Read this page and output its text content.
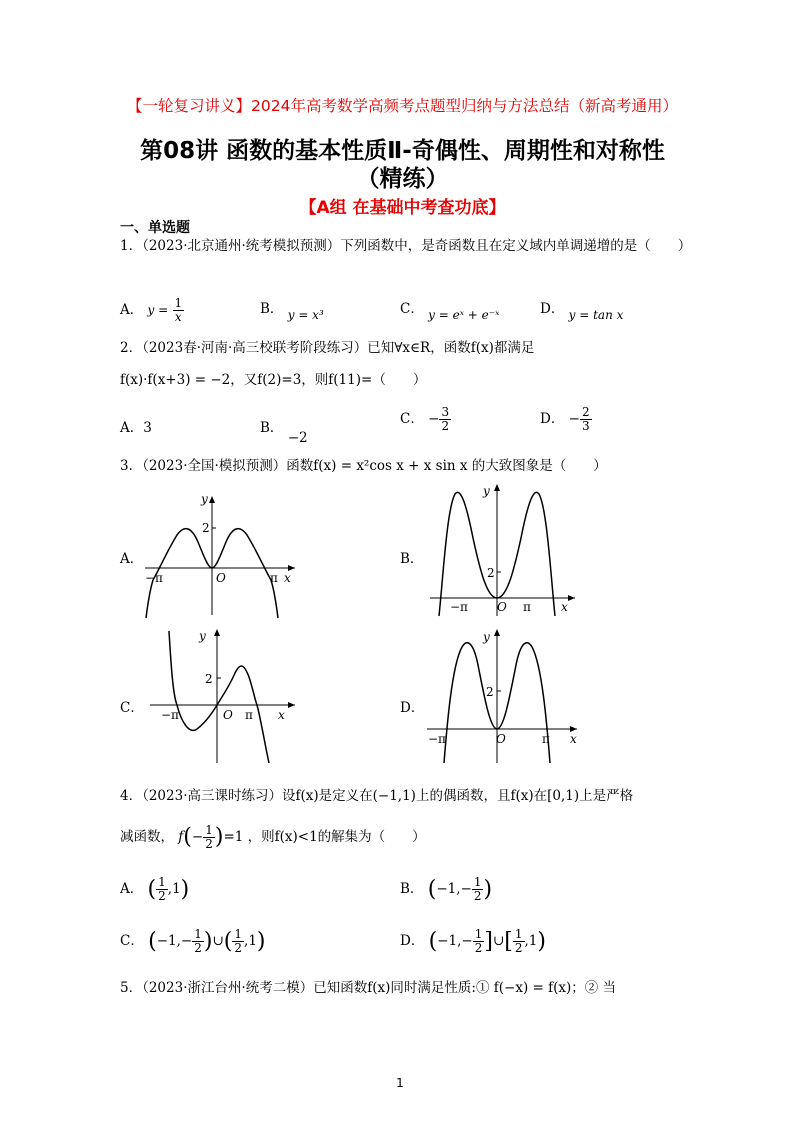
【一轮复习讲义】2024年高考数学高频考点题型归纳与方法总结（新高考通用）
第08讲 函数的基本性质Ⅱ-奇偶性、周期性和对称性（精练）
【A组 在基础中考查功底】
一、单选题
1．（2023·北京通州·统考模拟预测）下列函数中，是奇函数且在定义域内单调递增的是（　　）
A． $y = \frac{1}{x}$	B． y = x³	C． y = eˣ + e⁻ˣ	D． y = tan x
2．（2023春·河南·高三校联考阶段练习）已知∀x∈R，函数f(x)都满足
f(x)·f(x+3) = −2，又f(2)=3，则f(11)=（　　）
A．3	B． −2
C． − $\frac{3}{2}$	D． − $\frac{2}{3}$
3．（2023·全国·模拟预测）函数f(x) = x²cos x + x sin x 的大致图象是（　　）
A．	B．
C．	D．
y
2
O
−π	π x
y
2
O
−π	π	x
y
2
O
−π	π x
y
2
O
−π	π x
4．（2023·高三课时练习）设f(x)是定义在(−1,1)上的偶函数，且f(x)在[0,1)上是严格
减函数， $f(- \frac{1}{2} )=1$ ，则f(x)<1的解集为（　　）
A． ( $\frac{1}{2} ,1$)	B． ($-1,- \frac{1}{2}$ )
C． ($-1,- \frac{1}{2}$ )∪( $\frac{1}{2} ,1$)	D． ($-1,- \frac{1}{2}$ ]∪[ $\frac{1}{2} ,1$)
5．（2023·浙江台州·统考二模）已知函数f(x)同时满足性质:① f(−x) = f(x)；② 当
1
